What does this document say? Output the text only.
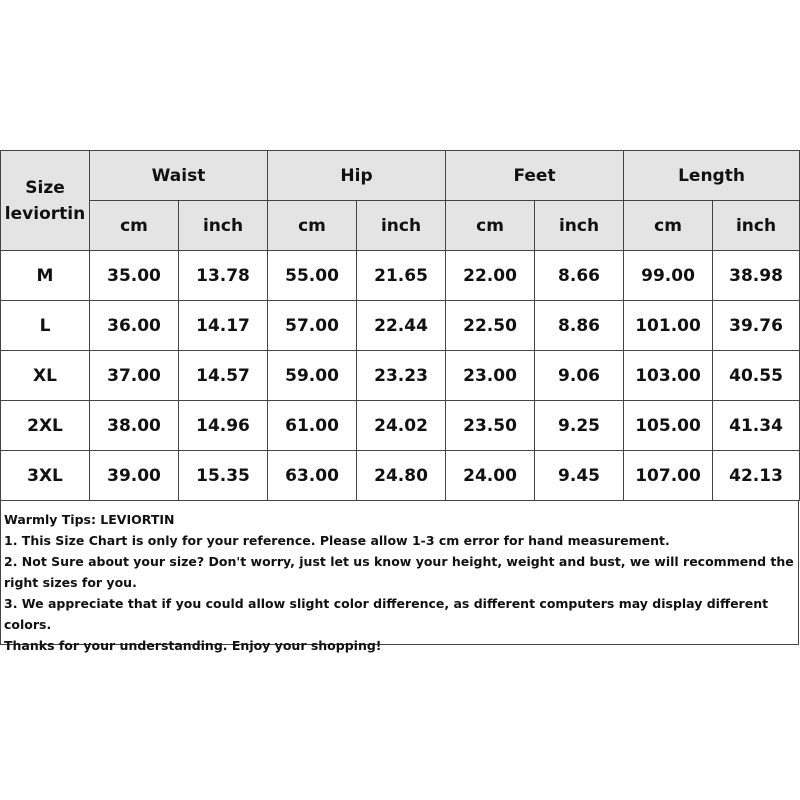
Size
leviortin	Waist		Hip		Feet		Length	
	cm	inch	cm	inch	cm	inch	cm	inch
M	35.00	13.78	55.00	21.65	22.00	8.66	99.00	38.98
L	36.00	14.17	57.00	22.44	22.50	8.86	101.00	39.76
XL	37.00	14.57	59.00	23.23	23.00	9.06	103.00	40.55
2XL	38.00	14.96	61.00	24.02	23.50	9.25	105.00	41.34
3XL	39.00	15.35	63.00	24.80	24.00	9.45	107.00	42.13
Warmly Tips: LEVIORTIN
1. This Size Chart is only for your reference. Please allow 1-3 cm error for hand measurement.
2. Not Sure about your size? Don't worry, just let us know your height, weight and bust, we will recommend the right sizes for you.
3. We appreciate that if you could allow slight color difference, as different computers may display different colors.
Thanks for your understanding. Enjoy your shopping!
